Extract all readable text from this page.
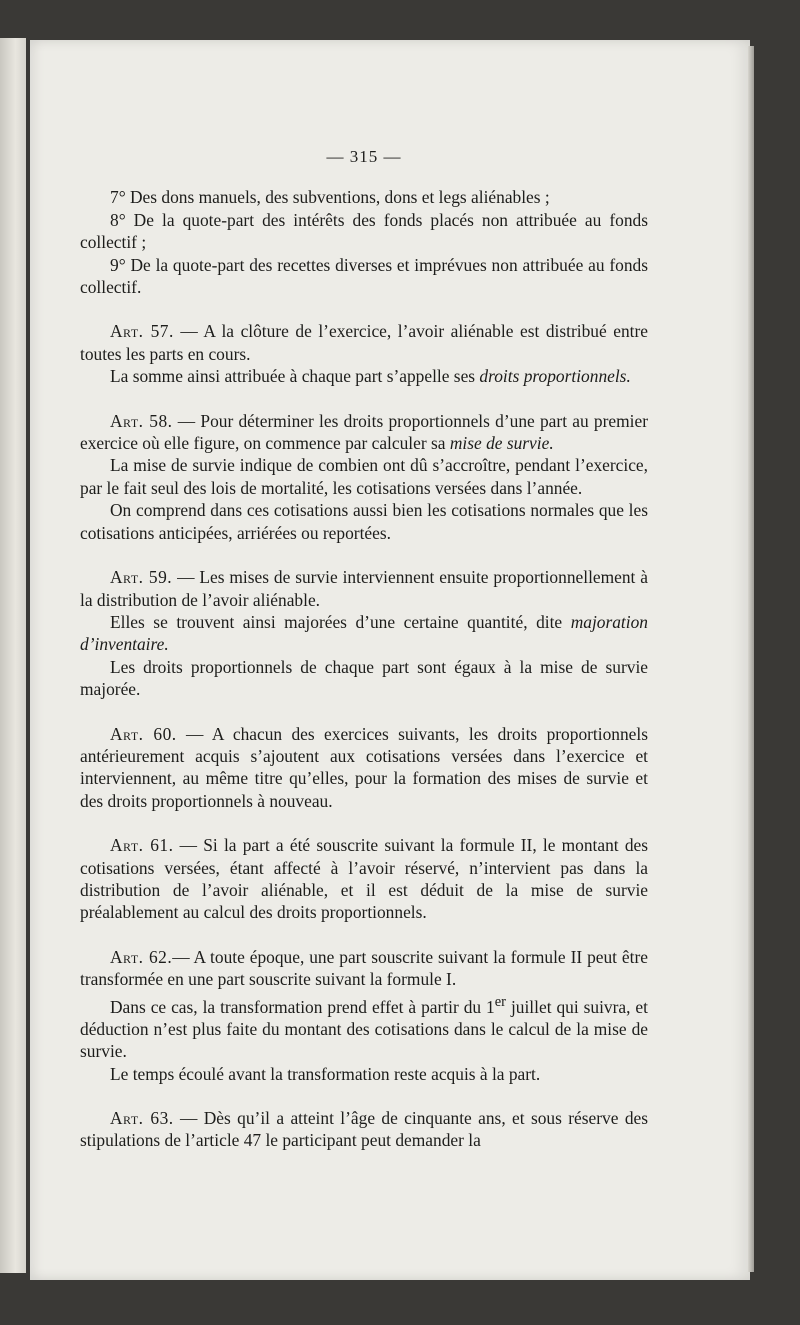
— 315 —

7° Des dons manuels, des subventions, dons et legs aliénables ;

8° De la quote-part des intérêts des fonds placés non attribuée au fonds collectif ;

9° De la quote-part des recettes diverses et imprévues non attribuée au fonds collectif.

Art. 57. — A la clôture de l’exercice, l’avoir aliénable est distribué entre toutes les parts en cours.

La somme ainsi attribuée à chaque part s’appelle ses droits proportionnels.

Art. 58. — Pour déterminer les droits proportionnels d’une part au premier exercice où elle figure, on commence par calculer sa mise de survie.

La mise de survie indique de combien ont dû s’accroître, pendant l’exercice, par le fait seul des lois de mortalité, les cotisations versées dans l’année.

On comprend dans ces cotisations aussi bien les cotisations normales que les cotisations anticipées, arriérées ou reportées.

Art. 59. — Les mises de survie interviennent ensuite proportionnellement à la distribution de l’avoir aliénable.

Elles se trouvent ainsi majorées d’une certaine quantité, dite majoration d’inventaire.

Les droits proportionnels de chaque part sont égaux à la mise de survie majorée.

Art. 60. — A chacun des exercices suivants, les droits proportionnels antérieurement acquis s’ajoutent aux cotisations versées dans l’exercice et interviennent, au même titre qu’elles, pour la formation des mises de survie et des droits proportionnels à nouveau.

Art. 61. — Si la part a été souscrite suivant la formule II, le montant des cotisations versées, étant affecté à l’avoir réservé, n’intervient pas dans la distribution de l’avoir aliénable, et il est déduit de la mise de survie préalablement au calcul des droits proportionnels.

Art. 62.— A toute époque, une part souscrite suivant la formule II peut être transformée en une part souscrite suivant la formule I.

Dans ce cas, la transformation prend effet à partir du 1er juillet qui suivra, et déduction n’est plus faite du montant des cotisations dans le calcul de la mise de survie.

Le temps écoulé avant la transformation reste acquis à la part.

Art. 63. — Dès qu’il a atteint l’âge de cinquante ans, et sous réserve des stipulations de l’article 47 le participant peut demander la
